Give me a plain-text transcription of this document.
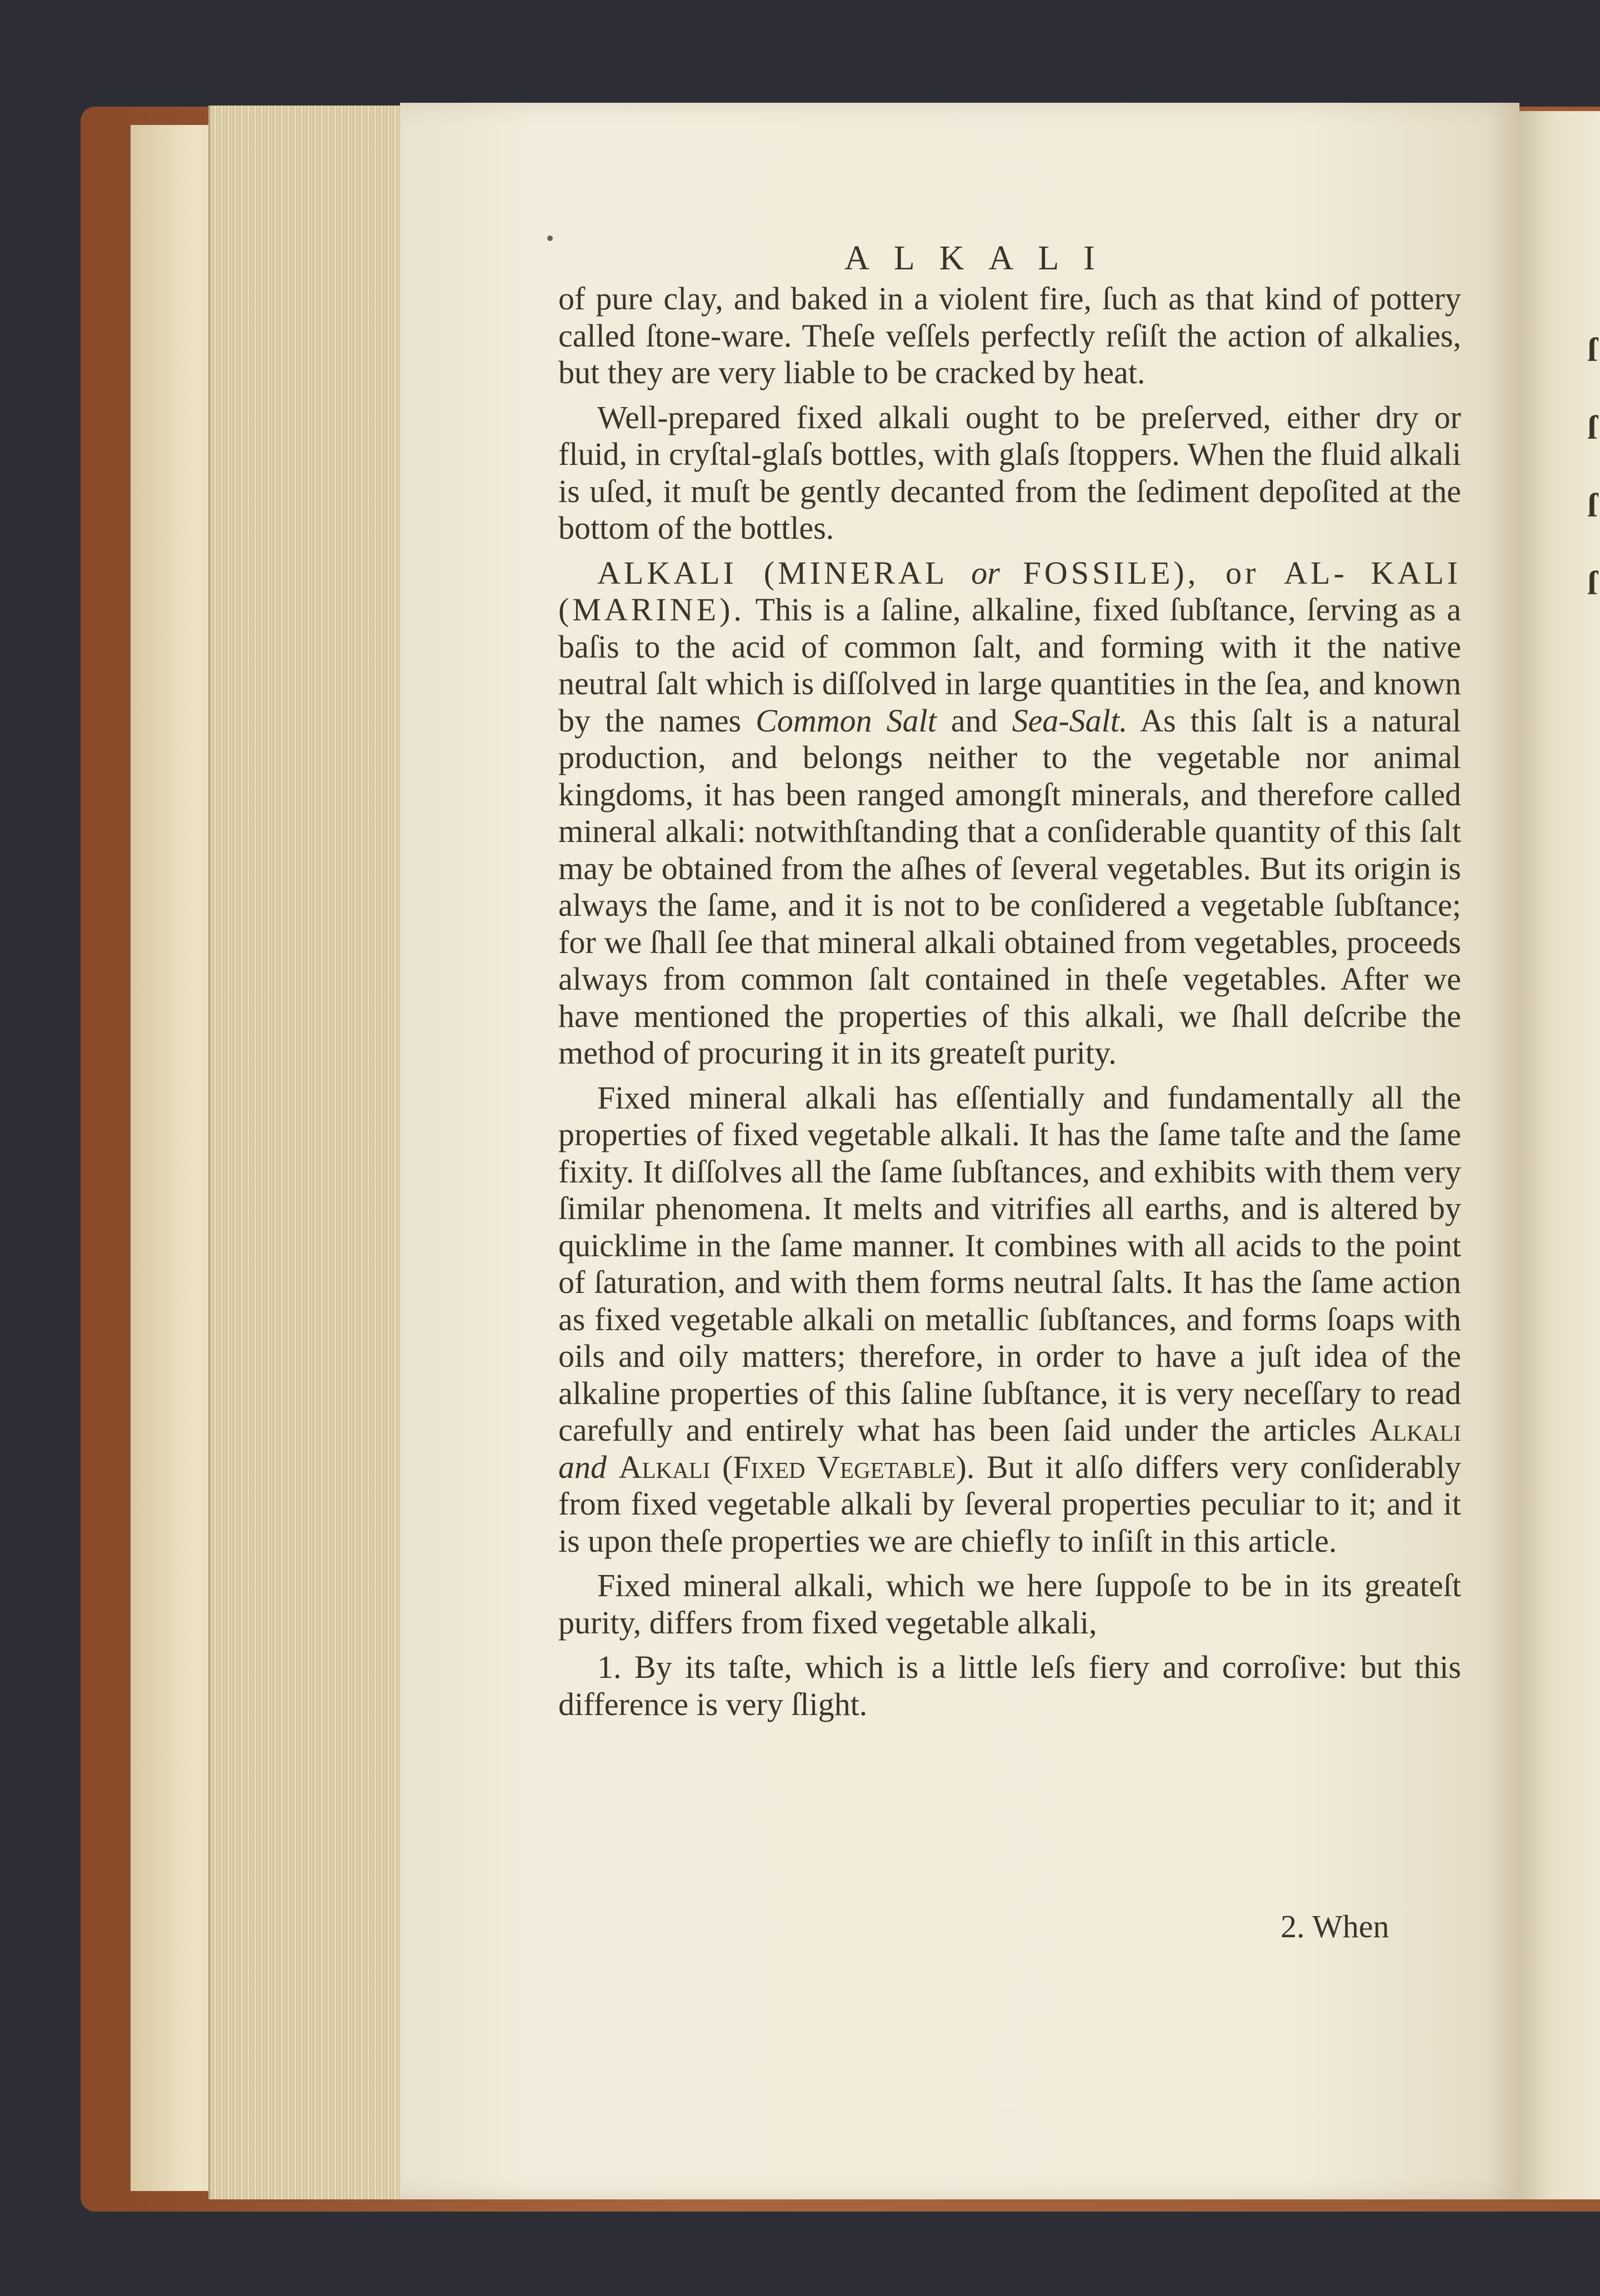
ſ
ſ
ſ
ſ
ALKALI

of pure clay, and baked in a violent fire, ſuch as that kind of pottery called ſtone-ware. Theſe veſſels perfectly reſiſt the action of alkalies, but they are very liable to be cracked by heat.

Well-prepared fixed alkali ought to be preſerved, either dry or fluid, in cryſtal-glaſs bottles, with glaſs ſtoppers. When the fluid alkali is uſed, it muſt be gently decanted from the ſediment depoſited at the bottom of the bottles.

ALKALI (MINERAL or FOSSILE), or AL- KALI (MARINE). This is a ſaline, alkaline, fixed ſubſtance, ſerving as a baſis to the acid of common ſalt, and forming with it the native neutral ſalt which is diſſolved in large quantities in the ſea, and known by the names Common Salt and Sea-Salt. As this ſalt is a natural production, and belongs neither to the vegetable nor animal kingdoms, it has been ranged amongſt minerals, and therefore called mineral alkali: notwithſtanding that a conſiderable quantity of this ſalt may be obtained from the aſhes of ſeveral vegetables. But its origin is always the ſame, and it is not to be conſidered a vegetable ſubſtance; for we ſhall ſee that mineral alkali obtained from vegetables, proceeds always from common ſalt contained in theſe vegetables. After we have mentioned the properties of this alkali, we ſhall deſcribe the method of procuring it in its greateſt purity.

Fixed mineral alkali has eſſentially and fundamentally all the properties of fixed vegetable alkali. It has the ſame taſte and the ſame fixity. It diſſolves all the ſame ſubſtances, and exhibits with them very ſimilar phenomena. It melts and vitrifies all earths, and is altered by quicklime in the ſame manner. It combines with all acids to the point of ſaturation, and with them forms neutral ſalts. It has the ſame action as fixed vegetable alkali on metallic ſubſtances, and forms ſoaps with oils and oily matters; therefore, in order to have a juſt idea of the alkaline properties of this ſaline ſubſtance, it is very neceſſary to read carefully and entirely what has been ſaid under the articles Alkali and Alkali (Fixed Vegetable). But it alſo differs very conſiderably from fixed vegetable alkali by ſeveral properties peculiar to it; and it is upon theſe properties we are chiefly to inſiſt in this article.

Fixed mineral alkali, which we here ſuppoſe to be in its greateſt purity, differs from fixed vegetable alkali,

1. By its taſte, which is a little leſs fiery and corroſive: but this difference is very ſlight.

2. When
